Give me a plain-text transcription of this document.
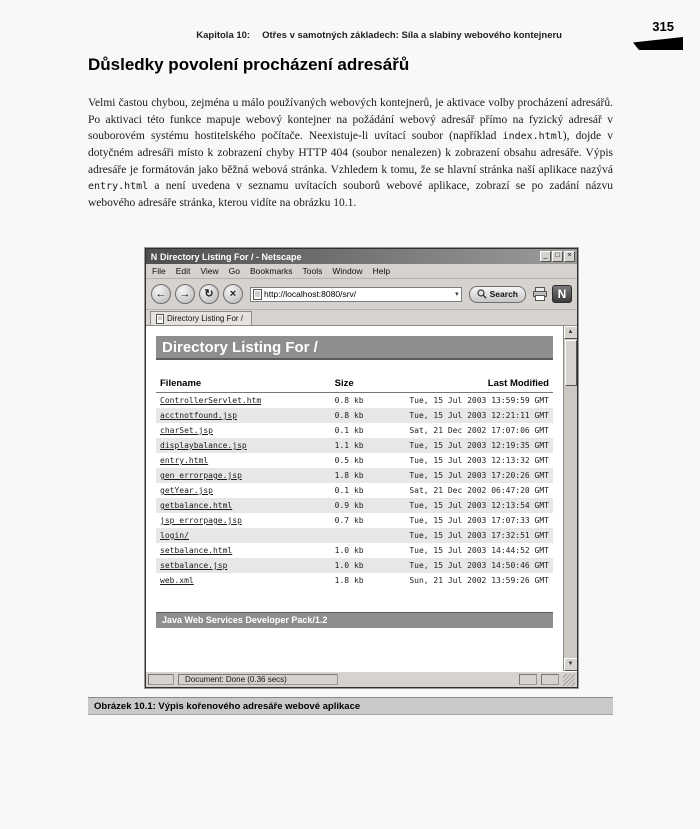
Kapitola 10: Otřes v samotných základech: Síla a slabiny webového kontejneru
315
Důsledky povolení procházení adresářů

Velmi častou chybou, zejména u málo používaných webových kontejnerů, je aktivace volby procházení adresářů. Po aktivaci této funkce mapuje webový kontejner na požádání webový adresář přímo na fyzický adresář v souborovém systému hostitelského počítače. Neexistuje-li uvítací soubor (například index.html), dojde v dotyčném adresáři místo k zobrazení chyby HTTP 404 (soubor nenalezen) k zobrazení obsahu adresáře. Výpis adresáře je formátován jako běžná webová stránka. Vzhledem k tomu, že se hlavní stránka naší aplikace nazývá entry.html a není uvedena v seznamu uvítacích souborů webové aplikace, zobrazí se po zadání názvu webového adresáře stránka, kterou vidíte na obrázku 10.1.

N Directory Listing For / - Netscape	_	□	×
File Edit View Go Bookmarks Tools Window Help
←	→	↻	×
http://localhost:8080/srv/	▾	Search	N
Directory Listing For /
Directory Listing For /
Filename	Size	Last Modified
ControllerServlet.htm	0.8 kb	Tue, 15 Jul 2003 13:59:59 GMT
acctnotfound.jsp	0.8 kb	Tue, 15 Jul 2003 12:21:11 GMT
charSet.jsp	0.1 kb	Sat, 21 Dec 2002 17:07:06 GMT
displaybalance.jsp	1.1 kb	Tue, 15 Jul 2003 12:19:35 GMT
entry.html	0.5 kb	Tue, 15 Jul 2003 12:13:32 GMT
gen_errorpage.jsp	1.8 kb	Tue, 15 Jul 2003 17:20:26 GMT
getYear.jsp	0.1 kb	Sat, 21 Dec 2002 06:47:20 GMT
getbalance.html	0.9 kb	Tue, 15 Jul 2003 12:13:54 GMT
jsp_errorpage.jsp	0.7 kb	Tue, 15 Jul 2003 17:07:33 GMT
login/		Tue, 15 Jul 2003 17:32:51 GMT
setbalance.html	1.0 kb	Tue, 15 Jul 2003 14:44:52 GMT
setbalance.jsp	1.0 kb	Tue, 15 Jul 2003 14:50:46 GMT
web.xml	1.8 kb	Sun, 21 Jul 2002 13:59:26 GMT
Java Web Services Developer Pack/1.2
▲
▼
Document: Done (0.36 secs)
Obrázek 10.1: Výpis kořenového adresáře webové aplikace
